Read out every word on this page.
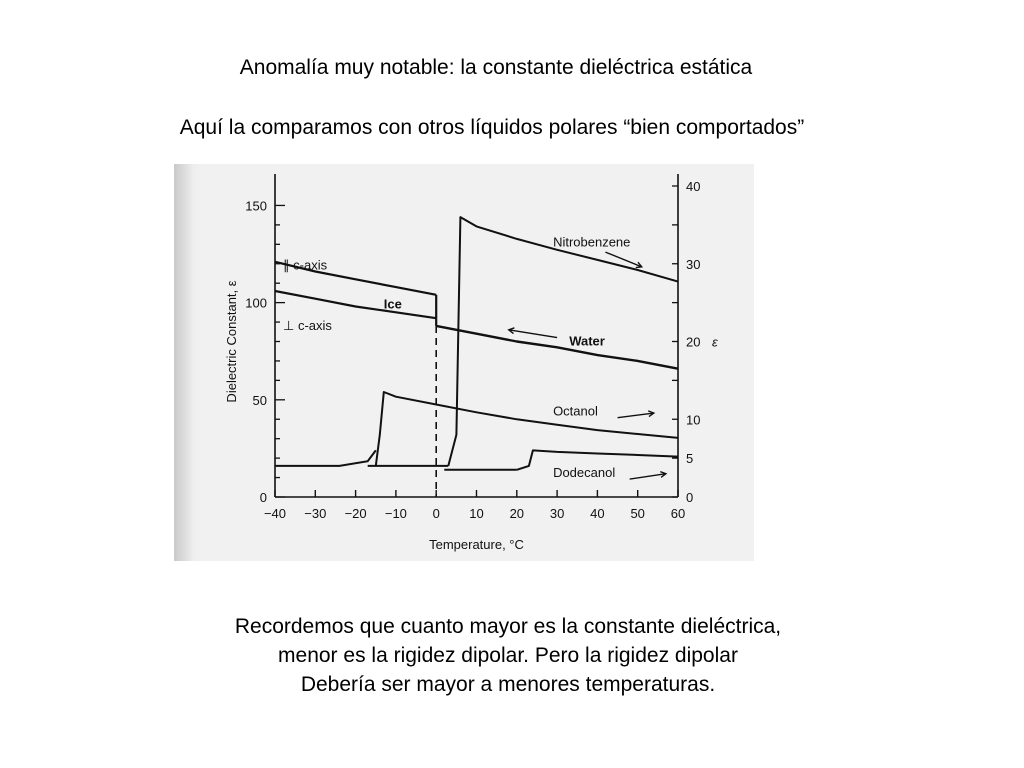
Anomalía muy notable: la constante dieléctrica estática
Aquí la comparamos con otros líquidos polares “bien comportados”
−40 −30 −20 −10 0 10 20 30 40 50 60
0
50
100
150
0
5
10
20
30
40
Temperature, °C
Dielectric Constant, ε	ε
∥ c-axis
⊥ c-axis
Water
Nitrobenzene
Octanol
Dodecanol
Ice
Recordemos que cuanto mayor es la constante dieléctrica,
menor es la rigidez dipolar. Pero la rigidez dipolar
Debería ser mayor a menores temperaturas.
